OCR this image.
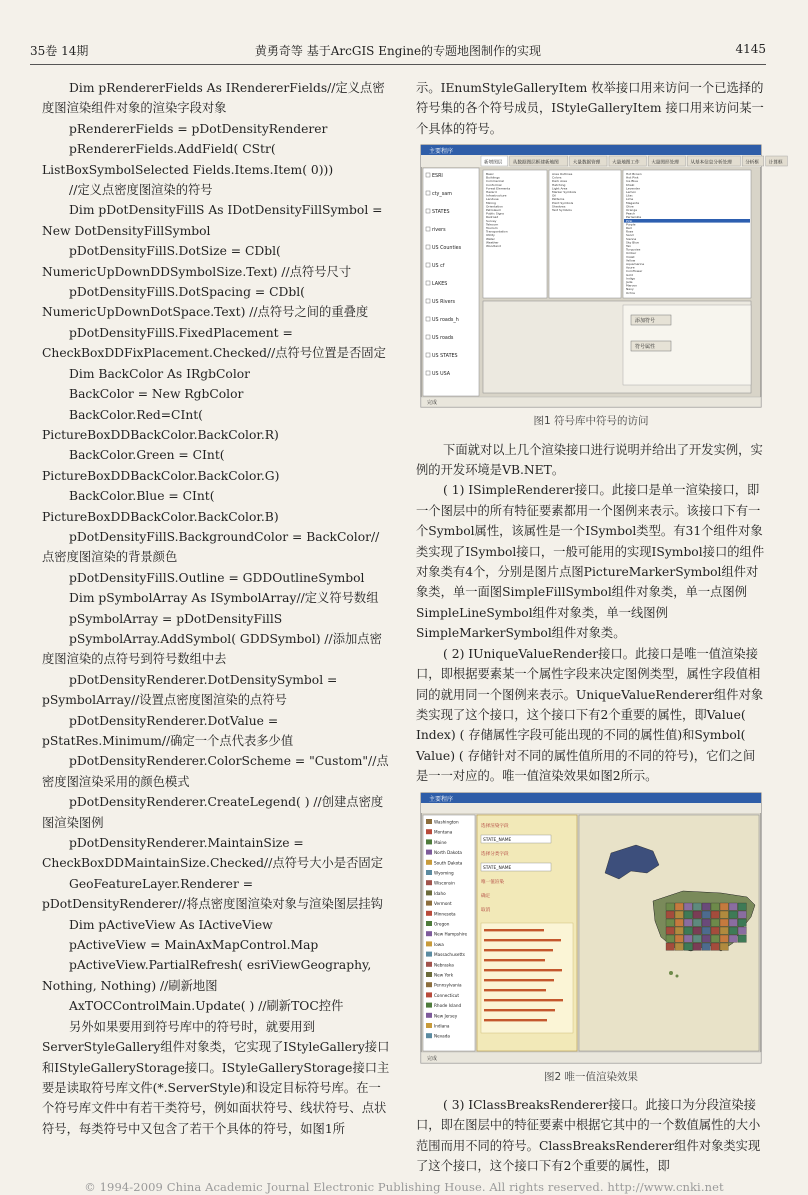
35卷 14期	黄勇奇等 基于ArcGIS Engine的专题地图制作的实现	4145

Dim pRendererFields As IRendererFields//定义点密度图渲染组件对象的渲染字段对象

pRendererFields = pDotDensityRenderer

pRendererFields.AddField( CStr( ListBoxSymbolSelected Fields.Items.Item( 0)))

//定义点密度图渲染的符号

Dim pDotDensityFillS As IDotDensityFillSymbol = New DotDensityFillSymbol

pDotDensityFillS.DotSize = CDbl( NumericUpDownDDSymbolSize.Text) //点符号尺寸

pDotDensityFillS.DotSpacing = CDbl( NumericUpDownDotSpace.Text) //点符号之间的重叠度

pDotDensityFillS.FixedPlacement = CheckBoxDDFixPlacement.Checked//点符号位置是否固定

Dim BackColor As IRgbColor

BackColor = New RgbColor

BackColor.Red=CInt( PictureBoxDDBackColor.BackColor.R)

BackColor.Green = CInt( PictureBoxDDBackColor.BackColor.G)

BackColor.Blue = CInt( PictureBoxDDBackColor.BackColor.B)

pDotDensityFillS.BackgroundColor = BackColor//点密度图渲染的背景颜色

pDotDensityFillS.Outline = GDDOutlineSymbol

Dim pSymbolArray As ISymbolArray//定义符号数组

pSymbolArray = pDotDensityFillS

pSymbolArray.AddSymbol( GDDSymbol) //添加点密度图渲染的点符号到符号数组中去

pDotDensityRenderer.DotDensitySymbol = pSymbolArray//设置点密度图渲染的点符号

pDotDensityRenderer.DotValue = pStatRes.Minimum//确定一个点代表多少值

pDotDensityRenderer.ColorScheme = "Custom"//点密度图渲染采用的颜色模式

pDotDensityRenderer.CreateLegend( ) //创建点密度图渲染图例

pDotDensityRenderer.MaintainSize = CheckBoxDDMaintainSize.Checked//点符号大小是否固定

GeoFeatureLayer.Renderer = pDotDensityRenderer//将点密度图渲染对象与渲染图层挂钩

Dim pActiveView As IActiveView

pActiveView = MainAxMapControl.Map

pActiveView.PartialRefresh( esriViewGeography, Nothing, Nothing) //刷新地图

AxTOCControlMain.Update( ) //刷新TOC控件

另外如果要用到符号库中的符号时，就要用到ServerStyleGallery组件对象类，它实现了IStyleGallery接口和IStyleGalleryStorage接口。IStyleGalleryStorage接口主要是读取符号库文件(*.ServerStyle)和设定目标符号库。在一个符号库文件中有若干类符号，例如面状符号、线状符号、点状符号，每类符号中又包含了若干个具体的符号，如图1所

示。IEnumStyleGalleryItem 枚举接口用来访问一个已选择的符号集的各个符号成员，IStyleGalleryItem 接口用来访问某一个具体的符号。

主要程序
新增图层 从数据图层框建新地图	大量数据管理	大量地图工作	大量图形处理	从基本信息分析处理	分析框 计算框
ESRI
cty_sam
STATES
rivers
US Counties
US cf
LAKES
US Rivers
US roads_h
US roads
US STATES
US USA
Basic
Buildings
Commercial
Conformal
Forest Elements
Hazard
Infrastructure
Landuse
Mining
Orientation
Petroleum
Public Signs
Railroad
Survey
Telecom
Tourism
Transportation
Utility
Water
Weather
Woodland
Area Outlines
Colors
Dark Area
Hatching
Light Area
Marker Symbols
Oil
Patterns
Point Symbols
Shadows
Text Symbols
Hot Brown
Hot Pink
Ice Blue
Khaki
Lavender
Lemon
Lilac
Lime
Magenta
Olive
Orange
Peach
Periwinkle
Pink
Purple
Red
Rose
Sand
Sienna
Sky Blue
Tan
Turquoise
Umber
Violet
Yellow
Aquamarine
Azure
Cornflower
Gold
Indigo
Jade
Maroon
Navy
Ochre
添加符号
符号属性
完成
图1 符号库中符号的访问

下面就对以上几个渲染接口进行说明并给出了开发实例，实例的开发环境是VB.NET。

( 1) ISimpleRenderer接口。此接口是单一渲染接口，即一个图层中的所有特征要素都用一个图例来表示。该接口下有一个Symbol属性，该属性是一个ISymbol类型。有31个组件对象类实现了ISymbol接口，一般可能用的实现ISymbol接口的组件对象类有4个，分别是图片点图PictureMarkerSymbol组件对象类，单一面图SimpleFillSymbol组件对象类，单一点图例SimpleLineSymbol组件对象类，单一线图例SimpleMarkerSymbol组件对象类。

( 2) IUniqueValueRender接口。此接口是唯一值渲染接口，即根据要素某一个属性字段来决定图例类型，属性字段值相同的就用同一个图例来表示。UniqueValueRenderer组件对象类实现了这个接口，这个接口下有2个重要的属性，即Value( Index) ( 存储属性字段可能出现的不同的属性值)和Symbol( Value) ( 存储针对不同的属性值所用的不同的符号)，它们之间是一一对应的。唯一值渲染效果如图2所示。

主要程序
Washington
Montana
Maine
North Dakota
South Dakota
Wyoming
Wisconsin
Idaho
Vermont
Minnesota
Oregon
New Hampshire
Iowa
Massachusetts
Nebraska
New York
Pennsylvania
Connecticut
Rhode Island
New Jersey
Indiana
Nevada
选择渲染字段
STATE_NAME
选择分类字段
STATE_NAME
唯一值渲染
确定
取消
完成
图2 唯一值渲染效果

( 3) IClassBreaksRenderer接口。此接口为分段渲染接口，即在图层中的特征要素中根据它其中的一个数值属性的大小范围而用不同的符号。ClassBreaksRenderer组件对象类实现了这个接口，这个接口下有2个重要的属性，即

© 1994-2009 China Academic Journal Electronic Publishing House. All rights reserved. http://www.cnki.net
